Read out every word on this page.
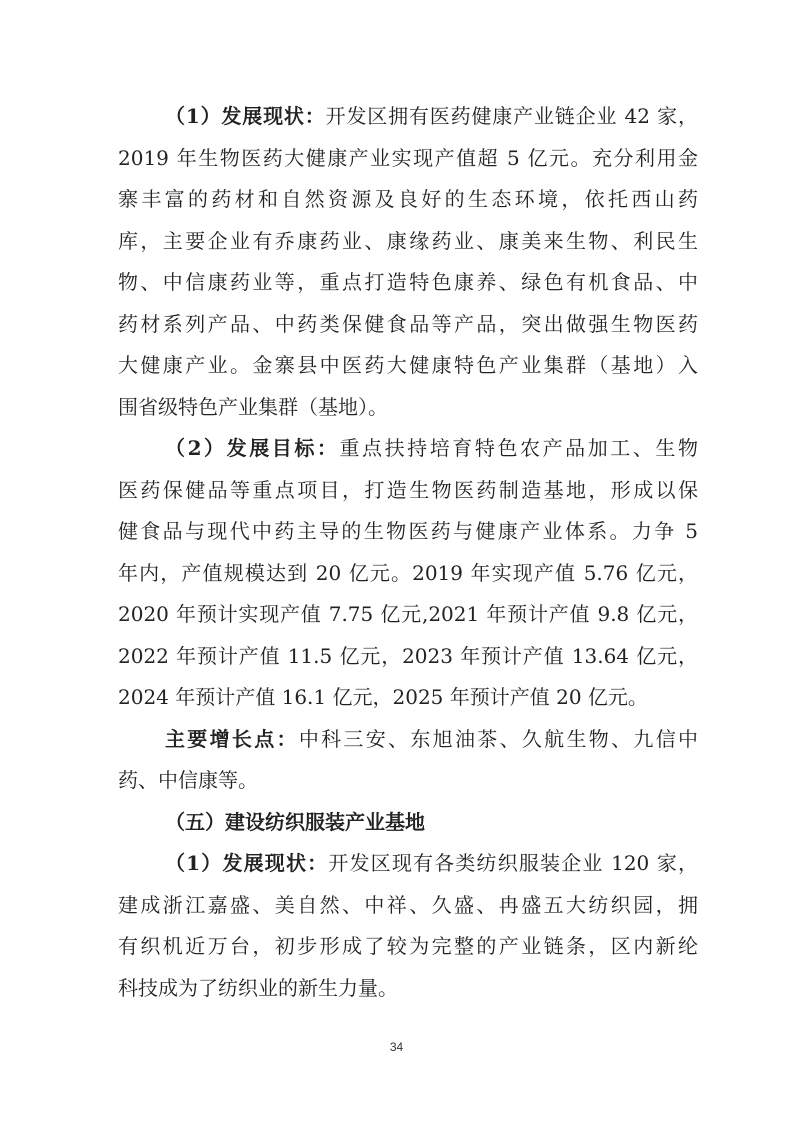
（1）发展现状：开发区拥有医药健康产业链企业 42 家，
2019 年生物医药大健康产业实现产值超 5 亿元。充分利用金
寨丰富的药材和自然资源及良好的生态环境，依托西山药
库，主要企业有乔康药业、康缘药业、康美来生物、利民生
物、中信康药业等，重点打造特色康养、绿色有机食品、中
药材系列产品、中药类保健食品等产品，突出做强生物医药
大健康产业。金寨县中医药大健康特色产业集群（基地）入
围省级特色产业集群（基地）。
（2）发展目标：重点扶持培育特色农产品加工、生物
医药保健品等重点项目，打造生物医药制造基地，形成以保
健食品与现代中药主导的生物医药与健康产业体系。力争 5
年内，产值规模达到 20 亿元。2019 年实现产值 5.76 亿元，
2020 年预计实现产值 7.75 亿元,2021 年预计产值 9.8 亿元，
2022 年预计产值 11.5 亿元，2023 年预计产值 13.64 亿元，
2024 年预计产值 16.1 亿元，2025 年预计产值 20 亿元。
主要增长点：中科三安、东旭油茶、久航生物、九信中
药、中信康等。
（五）建设纺织服装产业基地
（1）发展现状：开发区现有各类纺织服装企业 120 家，
建成浙江嘉盛、美自然、中祥、久盛、冉盛五大纺织园，拥
有织机近万台，初步形成了较为完整的产业链条，区内新纶
科技成为了纺织业的新生力量。
34
